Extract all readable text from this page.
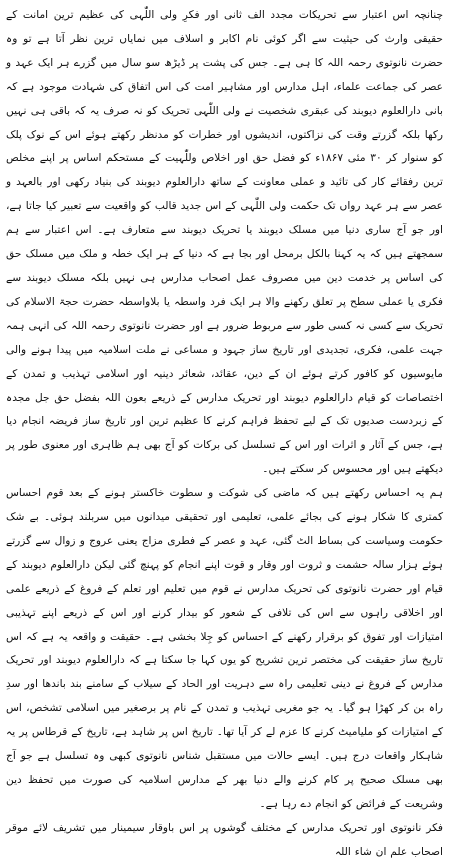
چنانچہ اس اعتبار سے تحریکات مجدد الف ثانی اور فکرِ ولی اللّٰہی کی عظیم ترین امانت کے حقیقی وارث کی حیثیت سے اگر کوئی نام اکابر و اسلاف میں نمایاں ترین نظر آتا ہے تو وہ حضرت نانوتوی رحمہ اللہ کا ہی ہے۔ جس کی پشت پر ڈیڑھ سو سال میں گزرے ہر ایک عہد و عصر کی جماعت علماء، اہل مدارس اور مشاہیر امت کی اس اتفاق کی شہادت موجود ہے کہ بانی دارالعلوم دیوبند کی عبقری شخصیت نے ولی اللّٰہی تحریک کو نہ صرف یہ کہ باقی ہی نہیں رکھا بلکہ گزرتے وقت کی نزاکتوں، اندیشوں اور خطرات کو مدنظر رکھتے ہوئے اس کے نوک پلک کو سنوار کر ۳۰ مئی ۱۸۶۷ء کو فضل حق اور اخلاص وللّٰہیت کے مستحکم اساس پر اپنے مخلص ترین رفقائے کار کی تائید و عملی معاونت کے ساتھ دارالعلوم دیوبند کی بنیاد رکھی اور بالعہد و عصر سے ہر عہد رواں تک حکمت ولی اللّٰہی کے اس جدید قالب کو واقعیت سے تعبیر کیا جاتا ہے، اور جو آج ساری دنیا میں مسلک دیوبند یا تحریک دیوبند سے متعارف ہے۔ اس اعتبار سے ہم سمجھتے ہیں کہ یہ کہنا بالکل برمحل اور بجا ہے کہ دنیا کے ہر ایک خطہ و ملک میں مسلک حق کی اساس پر خدمت دین میں مصروف عمل اصحاب مدارس ہی نہیں بلکہ مسلک دیوبند سے فکری یا عملی سطح پر تعلق رکھنے والا ہر ایک فرد واسطہ یا بلاواسطہ حضرت حجۃ الاسلام کی تحریک سے کسی نہ کسی طور سے مربوط ضرور ہے اور حضرت نانوتوی رحمہ اللہ کی انہی ہمہ جہت علمی، فکری، تجدیدی اور تاریخ ساز جہود و مساعی نے ملت اسلامیہ میں پیدا ہونے والی مایوسیوں کو کافور کرتے ہوئے ان کے دین، عقائد، شعائر دینیہ اور اسلامی تہذیب و تمدن کے اختصاصات کو قیام دارالعلوم دیوبند اور تحریک مدارس کے ذریعے بعون اللہ بفضل حق جل مجدہ کے زبردست صدیوں تک کے لیے تحفظ فراہم کرنے کا عظیم ترین اور تاریخ ساز فریضہ انجام دیا ہے، جس کے آثار و اثرات اور اس کے تسلسل کی برکات کو آج بھی ہم ظاہری اور معنوی طور پر دیکھتے ہیں اور محسوس کر سکتے ہیں۔

ہم یہ احساس رکھتے ہیں کہ ماضی کی شوکت و سطوت خاکستر ہونے کے بعد قوم احساس کمتری کا شکار ہونے کی بجائے علمی، تعلیمی اور تحقیقی میدانوں میں سربلند ہوئی۔ بے شک حکومت وسیاست کی بساط الٹ گئی، عہد و عصر کے فطری مزاج یعنی عروج و زوال سے گزرتے ہوئے ہزار سالہ حشمت و ثروت اور وقار و قوت اپنے انجام کو پہنچ گئی لیکن دارالعلوم دیوبند کے قیام اور حضرت نانوتوی کی تحریک مدارس نے قوم میں تعلیم اور تعلم کے فروغ کے ذریعے علمی اور اخلاقی راہوں سے اس کی تلافی کے شعور کو بیدار کرنے اور اس کے ذریعے اپنے تہذیبی امتیازات اور تفوق کو برقرار رکھنے کے احساس کو جِلا بخشی ہے۔ حقیقت و واقعہ یہ ہے کہ اس تاریخ ساز حقیقت کی مختصر ترین تشریح کو یوں کہا جا سکتا ہے کہ دارالعلوم دیوبند اور تحریک مدارس کے فروغ نے دینی تعلیمی راہ سے دہریت اور الحاد کے سیلاب کے سامنے بند باندھا اور سدِ راہ بن کر کھڑا ہو گیا۔ یہ جو مغربی تہذیب و تمدن کے نام پر برصغیر میں اسلامی تشخص، اس کے امتیازات کو ملیامیٹ کرنے کا عزم لے کر آیا تھا۔ تاریخ اس پر شاہد ہے، تاریخ کے قرطاس پر یہ شاہکار واقعات درج ہیں۔ ایسے حالات میں مستقبل شناس نانوتوی کبھی وہ تسلسل ہے جو آج بھی مسلک صحیح پر کام کرنے والے دنیا بھر کے مدارس اسلامیہ کی صورت میں تحفظ دین وشریعت کے فرائض کو انجام دے رہا ہے۔

فکر نانوتوی اور تحریک مدارس کے مختلف گوشوں پر اس باوقار سیمینار میں تشریف لائے موقر اصحاب علم ان شاء اللہ
